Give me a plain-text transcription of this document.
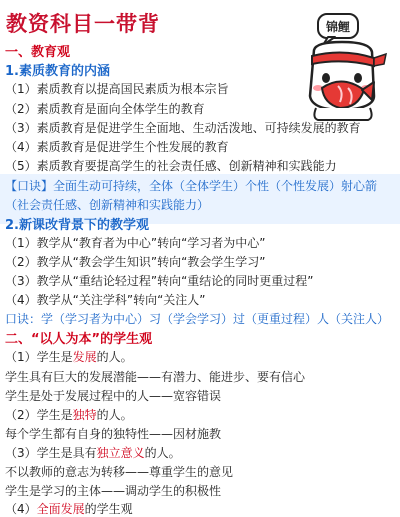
教资科目一带背	锦鲤
一、教育观
1.素质教育的内涵
（1）素质教育以提高国民素质为根本宗旨
（2）素质教育是面向全体学生的教育
（3）素质教育是促进学生全面地、生动活泼地、可持续发展的教育
（4）素质教育是促进学生个性发展的教育
（5）素质教育要提高学生的社会责任感、创新精神和实践能力
【口诀】全面生动可持续，全体（全体学生）个性（个性发展）射心箭
（社会责任感、创新精神和实践能力）
2.新课改背景下的教学观
（1）教学从“教育者为中心”转向“学习者为中心”
（2）教学从“教会学生知识”转向“教会学生学习”
（3）教学从“重结论轻过程”转向“重结论的同时更重过程”
（4）教学从“关注学科”转向“关注人”
口诀：学（学习者为中心）习（学会学习）过（更重过程）人（关注人）
二、“以人为本”的学生观
（1）学生是发展的人。
学生具有巨大的发展潜能——有潜力、能进步、要有信心
学生是处于发展过程中的人——宽容错误
（2）学生是独特的人。
每个学生都有自身的独特性——因材施教
（3）学生是具有独立意义的人。
不以教师的意志为转移——尊重学生的意见
学生是学习的主体——调动学生的积极性
（4）全面发展的学生观
